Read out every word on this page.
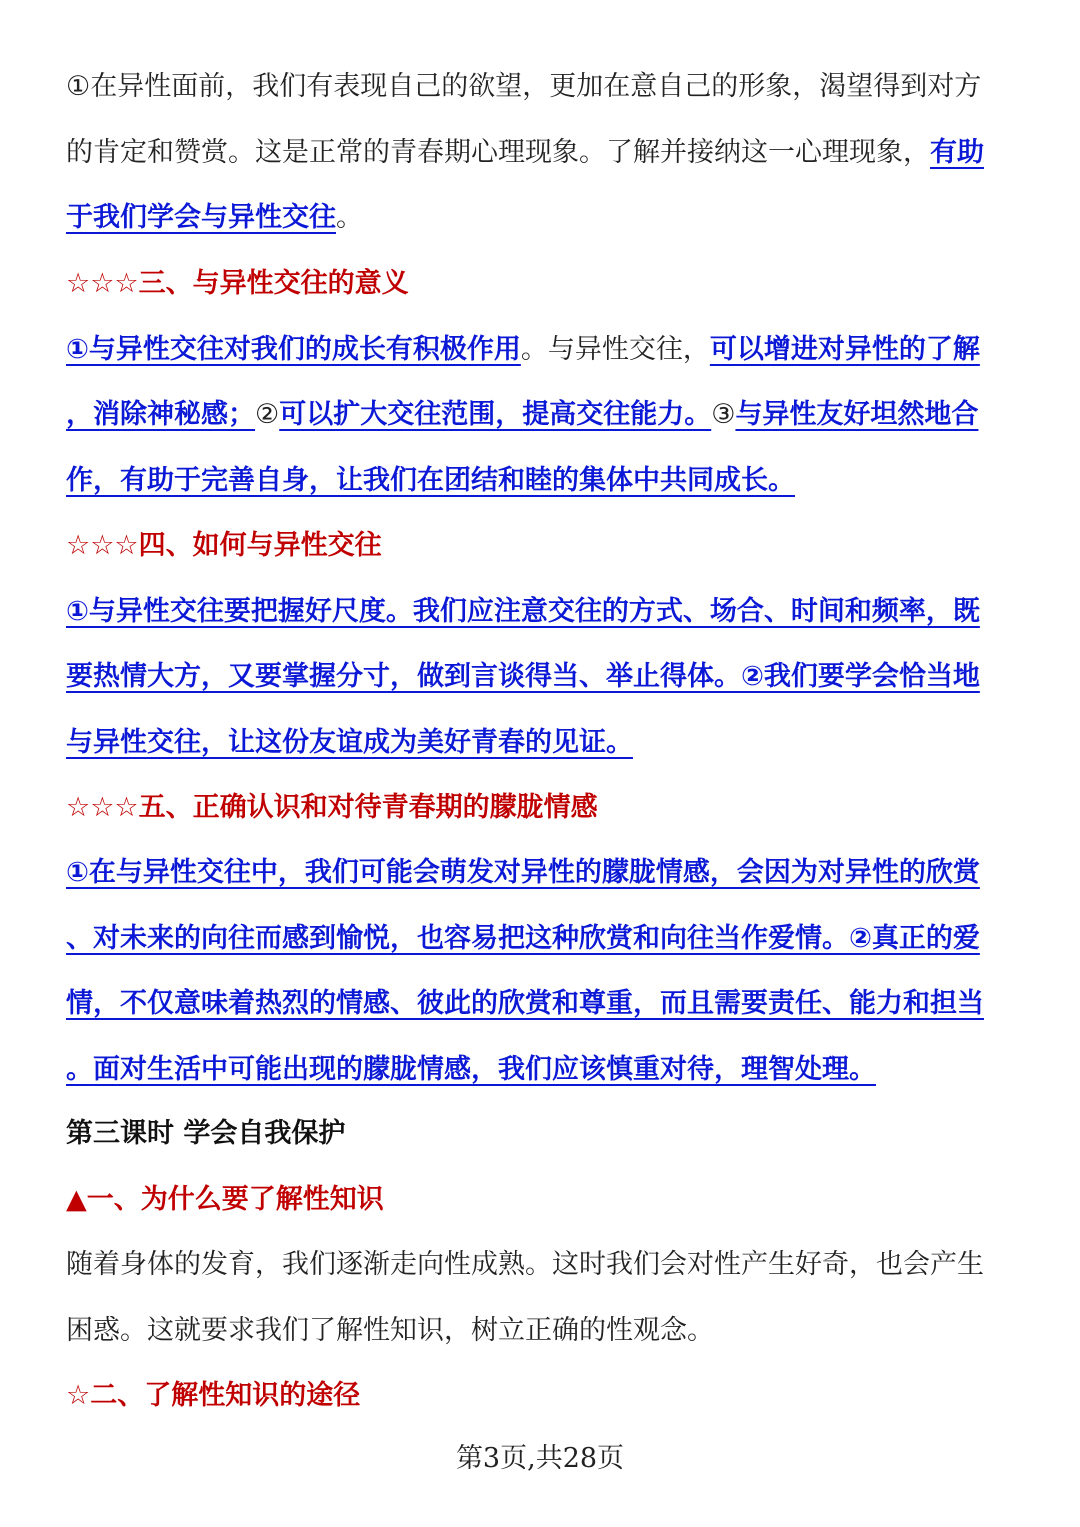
①在异性面前，我们有表现自己的欲望，更加在意自己的形象，渴望得到对方
的肯定和赞赏。这是正常的青春期心理现象。了解并接纳这一心理现象，有助
于我们学会与异性交往。
☆☆☆三、与异性交往的意义
①与异性交往对我们的成长有积极作用。与异性交往，可以增进对异性的了解
，消除神秘感；②可以扩大交往范围，提高交往能力。③与异性友好坦然地合
作，有助于完善自身，让我们在团结和睦的集体中共同成长。
☆☆☆四、如何与异性交往
①与异性交往要把握好尺度。我们应注意交往的方式、场合、时间和频率，既
要热情大方，又要掌握分寸，做到言谈得当、举止得体。②我们要学会恰当地
与异性交往，让这份友谊成为美好青春的见证。
☆☆☆五、正确认识和对待青春期的朦胧情感
①在与异性交往中，我们可能会萌发对异性的朦胧情感，会因为对异性的欣赏
、对未来的向往而感到愉悦，也容易把这种欣赏和向往当作爱情。②真正的爱
情，不仅意味着热烈的情感、彼此的欣赏和尊重，而且需要责任、能力和担当
。面对生活中可能出现的朦胧情感，我们应该慎重对待，理智处理。
第三课时 学会自我保护
▲一、为什么要了解性知识
随着身体的发育，我们逐渐走向性成熟。这时我们会对性产生好奇，也会产生
困惑。这就要求我们了解性知识，树立正确的性观念。
☆二、了解性知识的途径
第3页,共28页
